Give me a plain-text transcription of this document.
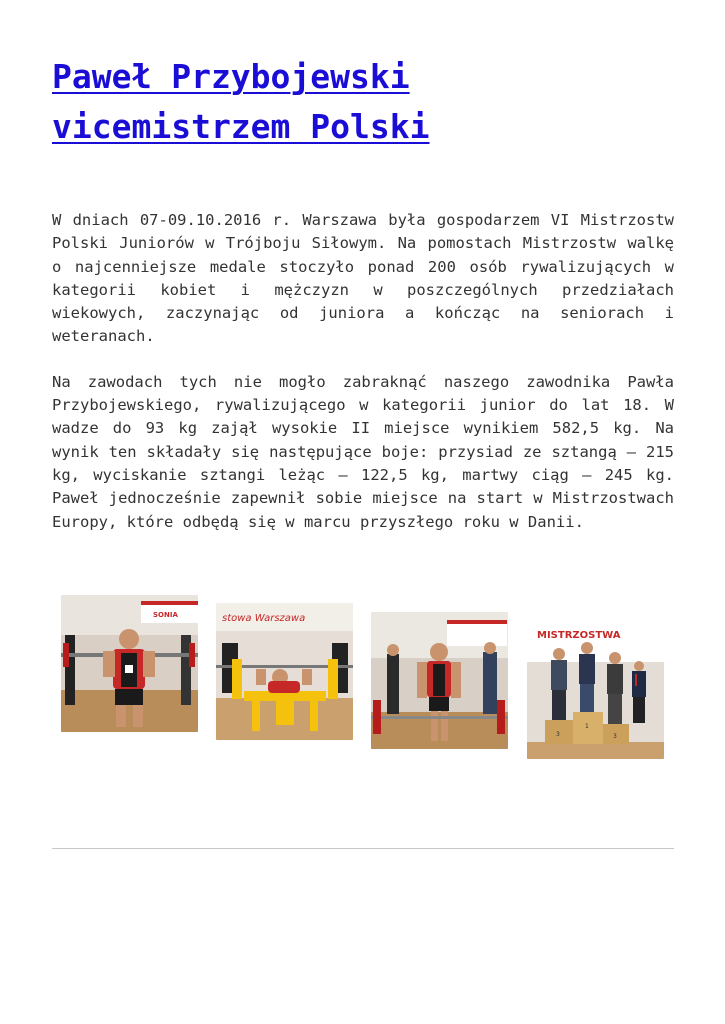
Paweł Przybojewski
vicemistrzem Polski

W dniach 07-09.10.2016 r. Warszawa była gospodarzem VI Mistrzostw Polski Juniorów w Trójboju Siłowym. Na pomostach Mistrzostw walkę o najcenniejsze medale stoczyło ponad 200 osób rywalizujących w kategorii kobiet i mężczyzn w poszczególnych przedziałach wiekowych, zaczynając od juniora a kończąc na seniorach i weteranach.

Na zawodach tych nie mogło zabraknąć naszego zawodnika Pawła Przybojewskiego, rywalizującego w kategorii junior do lat 18. W wadze do 93 kg zajął wysokie II miejsce wynikiem 582,5 kg. Na wynik ten składały się następujące boje: przysiad ze sztangą – 215 kg, wyciskanie sztangi leżąc – 122,5 kg, martwy ciąg – 245 kg. Paweł jednocześnie zapewnił sobie miejsce na start w Mistrzostwach Europy, które odbędą się w marcu przyszłego roku w Danii.

SONIA	stowa Warszawa
MISTRZOSTWA
3
1
3
